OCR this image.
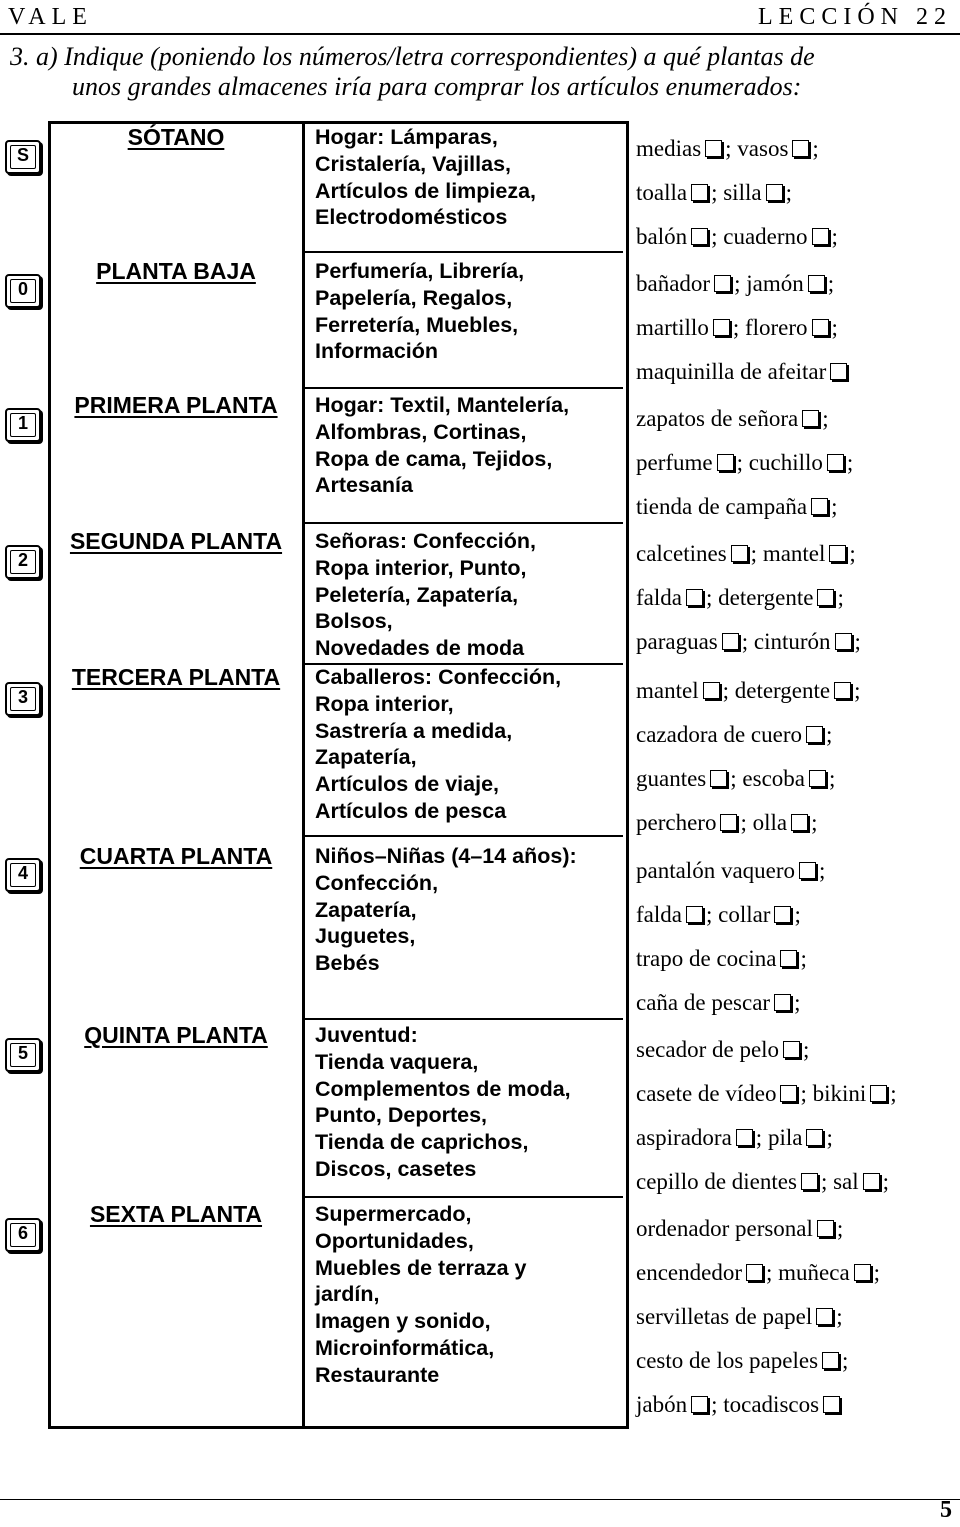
VALE	LECCIÓN 22
3. a) Indique (poniendo los números/letra correspondientes) a qué plantas de
unos grandes almacenes iría para comprar los artículos enumerados:
S
SÓTANO	Hogar: Lámparas,
Cristalería, Vajillas,
Artículos de limpieza,
Electrodomésticos
0
PLANTA BAJA	Perfumería, Librería,
Papelería, Regalos,
Ferretería, Muebles,
Información
1
PRIMERA PLANTA	Hogar: Textil, Mantelería,
Alfombras, Cortinas,
Ropa de cama, Tejidos,
Artesanía
2
SEGUNDA PLANTA	Señoras: Confección,
Ropa interior, Punto,
Peletería, Zapatería,
Bolsos,
Novedades de moda
3
TERCERA PLANTA	Caballeros: Confección,
Ropa interior,
Sastrería a medida,
Zapatería,
Artículos de viaje,
Artículos de pesca
4
CUARTA PLANTA	Niños–Niñas (4–14 años):
Confección,
Zapatería,
Juguetes,
Bebés
5
QUINTA PLANTA	Juventud:
Tienda vaquera,
Complementos de moda,
Punto, Deportes,
Tienda de caprichos,
Discos, casetes
6
SEXTA PLANTA	Supermercado,
Oportunidades,
Muebles de terraza y
jardín,
Imagen y sonido,
Microinformática,
Restaurante
medias ; vasos ;
toalla ; silla ;
balón ; cuaderno ;
bañador ; jamón ;
martillo ; florero ;
maquinilla de afeitar
zapatos de señora ;
perfume ; cuchillo ;
tienda de campaña ;
calcetines ; mantel ;
falda ; detergente ;
paraguas ; cinturón ;
mantel ; detergente ;
cazadora de cuero ;
guantes ; escoba ;
perchero ; olla ;
pantalón vaquero ;
falda ; collar ;
trapo de cocina ;
caña de pescar ;
secador de pelo ;
casete de vídeo ; bikini ;
aspiradora ; pila ;
cepillo de dientes ; sal ;
ordenador personal ;
encendedor ; muñeca ;
servilletas de papel ;
cesto de los papeles ;
jabón ; tocadiscos
5
